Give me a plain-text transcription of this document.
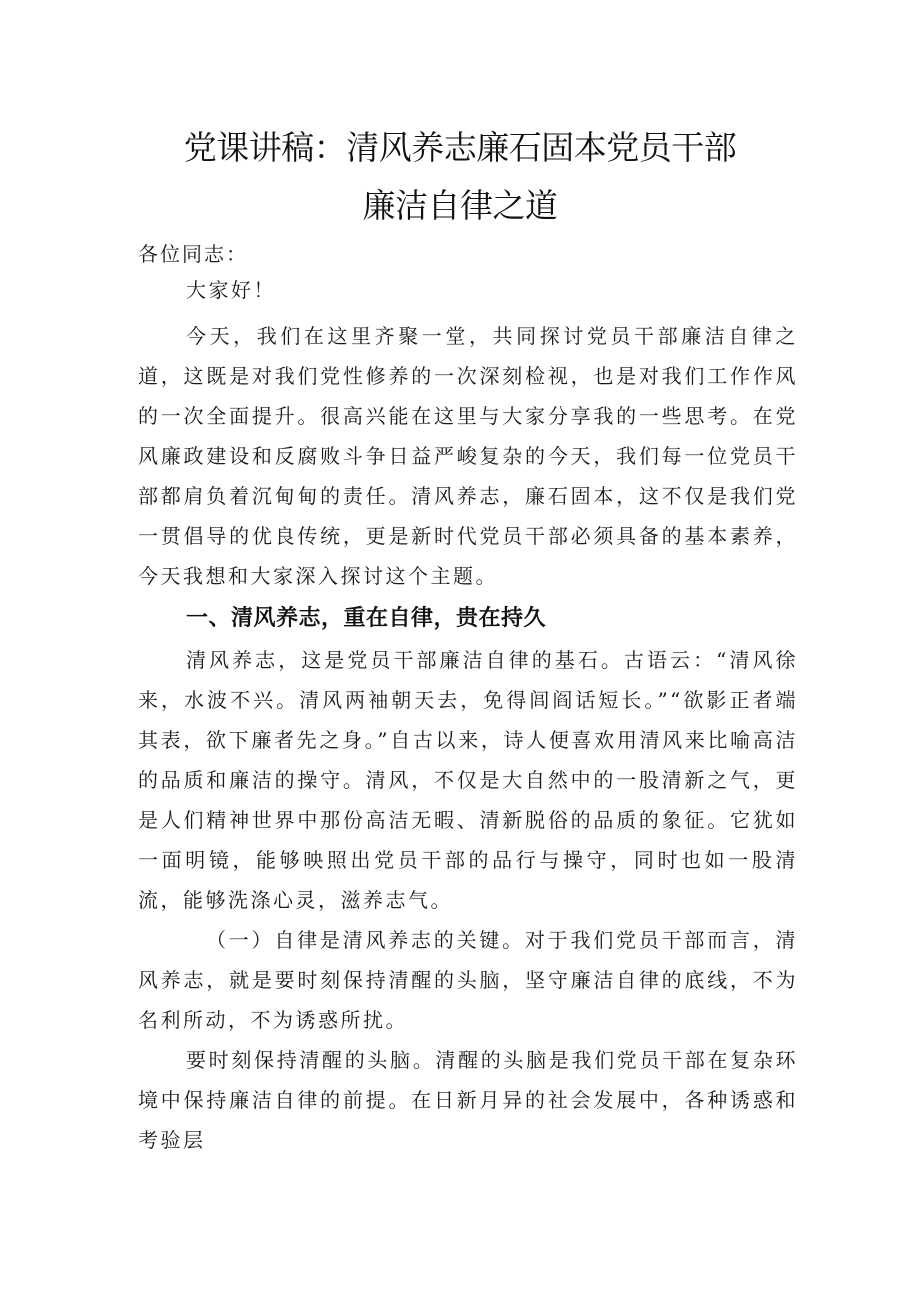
党课讲稿：清风养志廉石固本党员干部
廉洁自律之道
各位同志：

大家好！

今天，我们在这里齐聚一堂，共同探讨党员干部廉洁自律之道，这既是对我们党性修养的一次深刻检视，也是对我们工作作风的一次全面提升。很高兴能在这里与大家分享我的一些思考。在党风廉政建设和反腐败斗争日益严峻复杂的今天，我们每一位党员干部都肩负着沉甸甸的责任。清风养志，廉石固本，这不仅是我们党一贯倡导的优良传统，更是新时代党员干部必须具备的基本素养，今天我想和大家深入探讨这个主题。

一、清风养志，重在自律，贵在持久

清风养志，这是党员干部廉洁自律的基石。古语云：“清风徐来，水波不兴。清风两袖朝天去，免得闾阎话短长。”“欲影正者端其表，欲下廉者先之身。”自古以来，诗人便喜欢用清风来比喻高洁的品质和廉洁的操守。清风，不仅是大自然中的一股清新之气，更是人们精神世界中那份高洁无暇、清新脱俗的品质的象征。它犹如一面明镜，能够映照出党员干部的品行与操守，同时也如一股清流，能够洗涤心灵，滋养志气。

（一）自律是清风养志的关键。对于我们党员干部而言，清风养志，就是要时刻保持清醒的头脑，坚守廉洁自律的底线，不为名利所动，不为诱惑所扰。

要时刻保持清醒的头脑。清醒的头脑是我们党员干部在复杂环境中保持廉洁自律的前提。在日新月异的社会发展中，各种诱惑和考验层
